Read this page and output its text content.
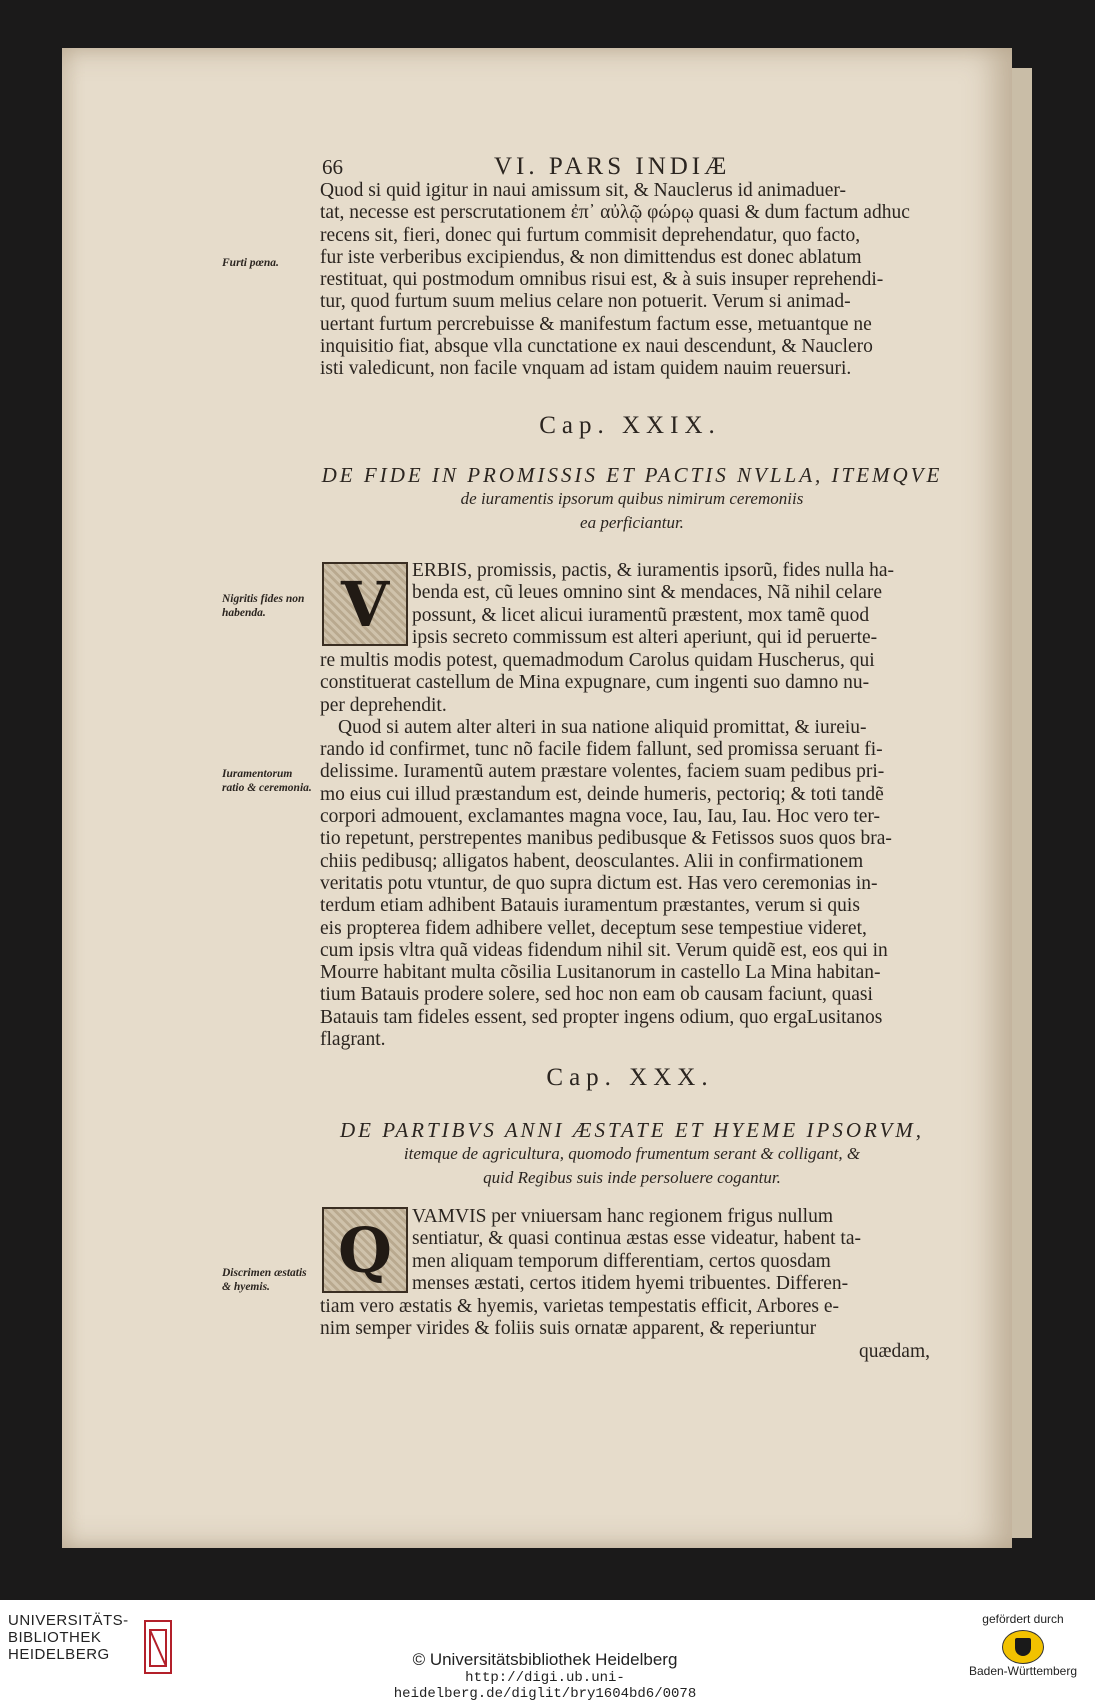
66	VI. PARS INDIÆ

Quod si quid igitur in naui amissum sit, & Nauclerus id animaduer-

tat, necesse est perscrutationem ἐπ᾿ αὐλῷ φώρῳ quasi & dum factum adhuc

recens sit, fieri, donec qui furtum commisit deprehendatur, quo facto,

fur iste verberibus excipiendus, & non dimittendus est donec ablatum

restituat, qui postmodum omnibus risui est, & à suis insuper reprehendi-

tur, quod furtum suum melius celare non potuerit. Verum si animad-

uertant furtum percrebuisse & manifestum factum esse, metuantque ne

inquisitio fiat, absque vlla cunctatione ex naui descendunt, & Nauclero

isti valedicunt, non facile vnquam ad istam quidem nauim reuersuri.

Furti pœna.
Cap. XXIX.
DE FIDE IN PROMISSIS ET PACTIS NVLLA, ITEMQVE
de iuramentis ipsorum quibus nimirum ceremoniis
ea perficiantur.
V	ERBIS, promissis, pactis, & iuramentis ipsorũ, fides nulla ha-

benda est, cũ leues omnino sint & mendaces, Nã nihil celare

possunt, & licet alicui iuramentũ præstent, mox tamẽ quod

ipsis secreto commissum est alteri aperiunt, qui id peruerte-

re multis modis potest, quemadmodum Carolus quidam Huscherus, qui

constituerat castellum de Mina expugnare, cum ingenti suo damno nu-

per deprehendit.

Quod si autem alter alteri in sua natione aliquid promittat, & iureiu-

rando id confirmet, tunc nõ facile fidem fallunt, sed promissa seruant fi-

delissime. Iuramentũ autem præstare volentes, faciem suam pedibus pri-

mo eius cui illud præstandum est, deinde humeris, pectoriq; & toti tandẽ

corpori admouent, exclamantes magna voce, Iau, Iau, Iau. Hoc vero ter-

tio repetunt, perstrepentes manibus pedibusque & Fetissos suos quos bra-

chiis pedibusq; alligatos habent, deosculantes. Alii in confirmationem

veritatis potu vtuntur, de quo supra dictum est. Has vero ceremonias in-

terdum etiam adhibent Batauis iuramentum præstantes, verum si quis

eis propterea fidem adhibere vellet, deceptum sese tempestiue videret,

cum ipsis vltra quã videas fidendum nihil sit. Verum quidẽ est, eos qui in

Mourre habitant multa cõsilia Lusitanorum in castello La Mina habitan-

tium Batauis prodere solere, sed hoc non eam ob causam faciunt, quasi

Batauis tam fideles essent, sed propter ingens odium, quo ergaLusitanos

flagrant.

Nigritis fides non habenda.
Iuramentorum ratio & ceremonia.
Cap. XXX.
DE PARTIBVS ANNI ÆSTATE ET HYEME IPSORVM,
itemque de agricultura, quomodo frumentum serant & colligant, &
quid Regibus suis inde persoluere cogantur.
Q	VAMVIS per vniuersam hanc regionem frigus nullum

sentiatur, & quasi continua æstas esse videatur, habent ta-

men aliquam temporum differentiam, certos quosdam

menses æstati, certos itidem hyemi tribuentes. Differen-

tiam vero æstatis & hyemis, varietas tempestatis efficit, Arbores e-

nim semper virides & foliis suis ornatæ apparent, & reperiuntur

quædam,

Discrimen æstatis & hyemis.
UNIVERSITÄTS-
BIBLIOTHEK
HEIDELBERG	© Universitätsbibliothek Heidelberg
http://digi.ub.uni-heidelberg.de/diglit/bry1604bd6/0078
gefördert durch
Baden-Württemberg
